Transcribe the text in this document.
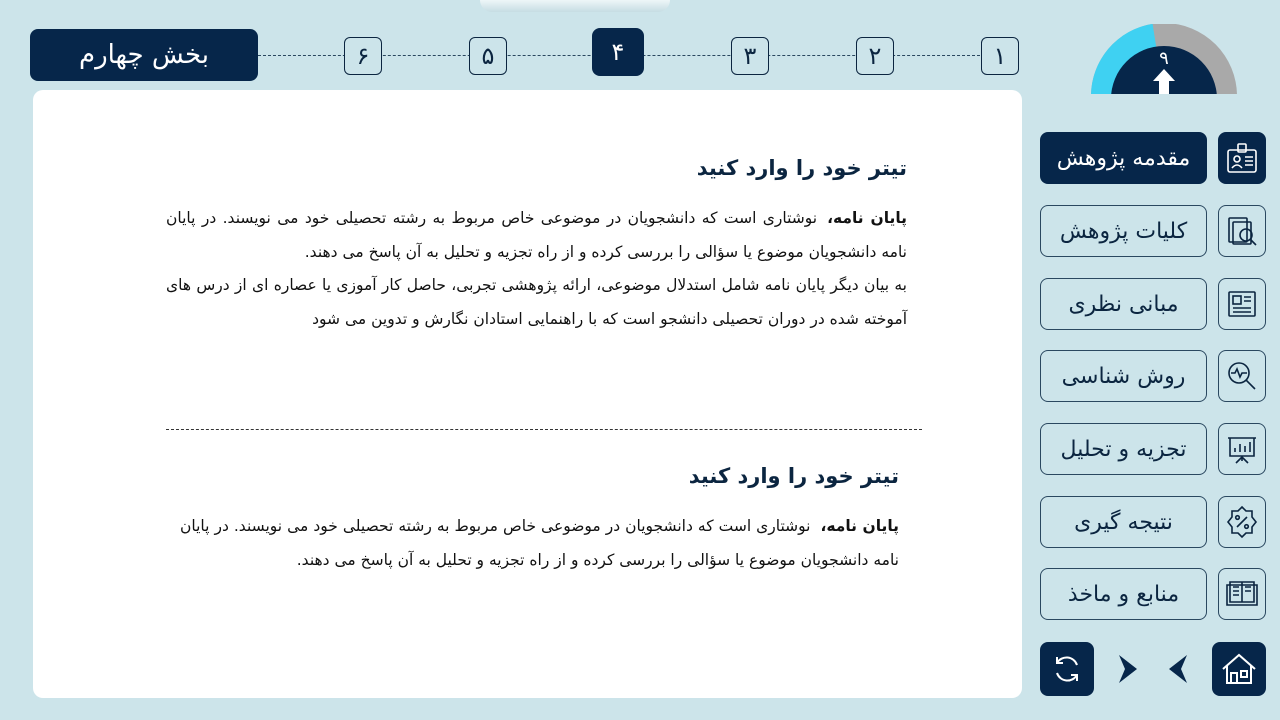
بخش چهارم	۱
۲
۳
۴
۵
۶	۹
تیتر خود را وارد کنید

پایان نامه،نوشتاری است که دانشجویان در موضوعی خاص مربوط به رشته تحصیلی خود می نویسند. در پایان نامه دانشجویان موضوع یا سؤالی را بررسی کرده و از راه تجزیه و تحلیل به آن پاسخ می دهند.

به بیان دیگر پایان نامه شامل استدلال موضوعی، ارائه پژوهشی تجربی، حاصل کار آموزی یا عصاره ای از درس های آموخته شده در دوران تحصیلی دانشجو است که با راهنمایی استادان نگارش و تدوین می شود

تیتر خود را وارد کنید

پایان نامه،نوشتاری است که دانشجویان در موضوعی خاص مربوط به رشته تحصیلی خود می نویسند. در پایان نامه دانشجویان موضوع یا سؤالی را بررسی کرده و از راه تجزیه و تحلیل به آن پاسخ می دهند.

مقدمه پژوهش
کلیات پژوهش
مبانی نظری
روش شناسی
تجزیه و تحلیل
نتیجه گیری
منابع و ماخذ
